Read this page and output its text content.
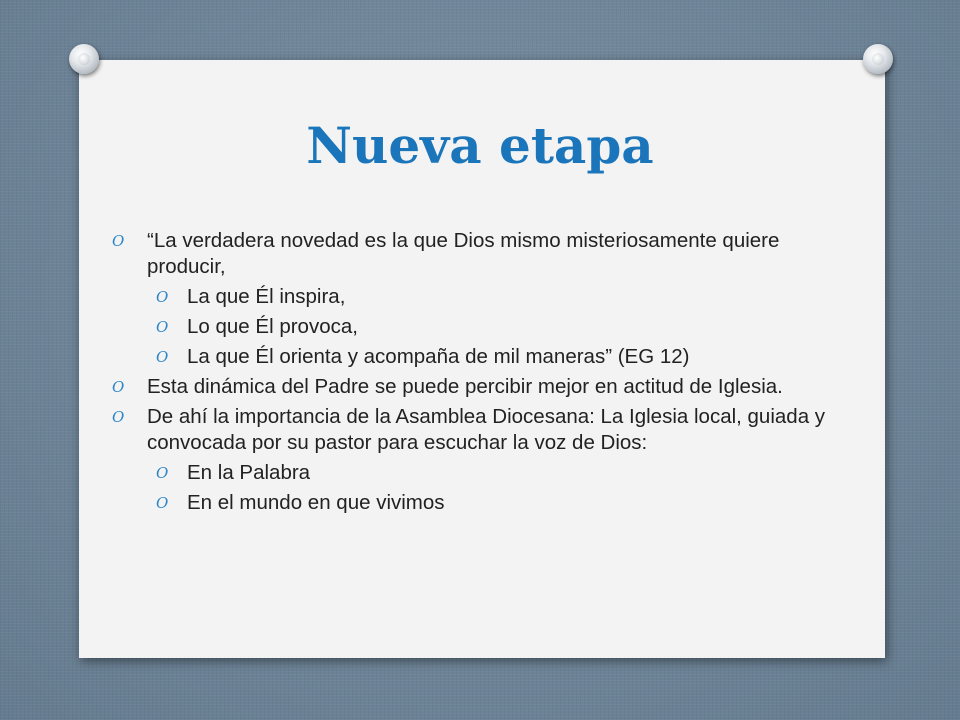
Nueva etapa
O “La verdadera novedad es la que Dios mismo misteriosamente quiere producir,
O La que Él inspira,
O Lo que Él provoca,
O La que Él orienta y acompaña de mil maneras” (EG 12)
O Esta dinámica del Padre se puede percibir mejor en actitud de Iglesia.
O De ahí la importancia de la Asamblea Diocesana: La Iglesia local, guiada y convocada por su pastor para escuchar la voz de Dios:
O En la Palabra
O En el mundo en que vivimos
